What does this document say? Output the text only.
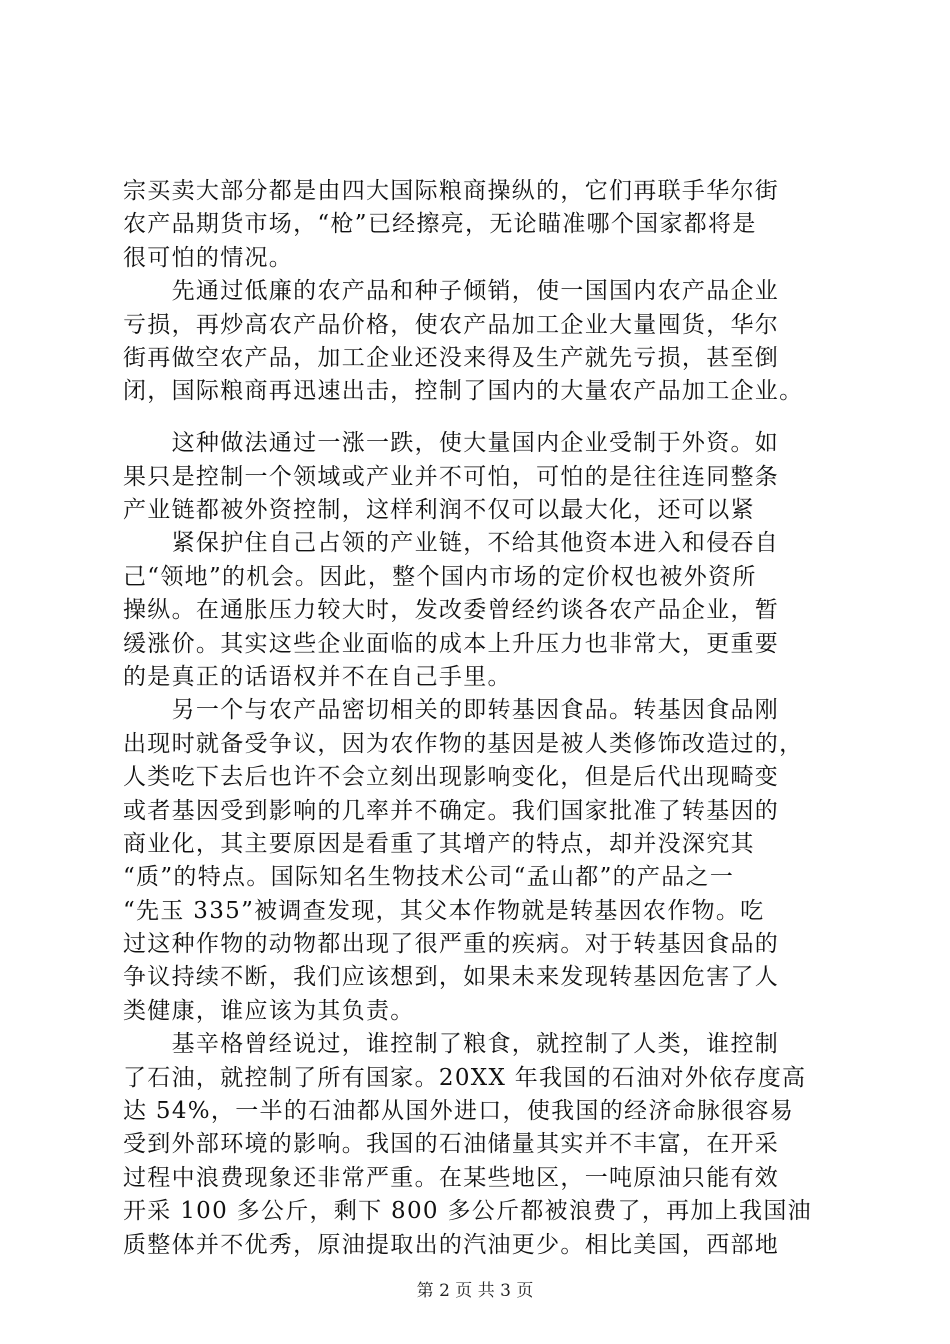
宗买卖大部分都是由四大国际粮商操纵的，它们再联手华尔街
农产品期货市场，“枪”已经擦亮，无论瞄准哪个国家都将是
很可怕的情况。
　　先通过低廉的农产品和种子倾销，使一国国内农产品企业
亏损，再炒高农产品价格，使农产品加工企业大量囤货，华尔
街再做空农产品，加工企业还没来得及生产就先亏损，甚至倒
闭，国际粮商再迅速出击，控制了国内的大量农产品加工企业。
　　这种做法通过一涨一跌，使大量国内企业受制于外资。如
果只是控制一个领域或产业并不可怕，可怕的是往往连同整条
产业链都被外资控制，这样利润不仅可以最大化，还可以紧
　　紧保护住自己占领的产业链，不给其他资本进入和侵吞自
己“领地”的机会。因此，整个国内市场的定价权也被外资所
操纵。在通胀压力较大时，发改委曾经约谈各农产品企业，暂
缓涨价。其实这些企业面临的成本上升压力也非常大，更重要
的是真正的话语权并不在自己手里。
　　另一个与农产品密切相关的即转基因食品。转基因食品刚
出现时就备受争议，因为农作物的基因是被人类修饰改造过的，
人类吃下去后也许不会立刻出现影响变化，但是后代出现畸变
或者基因受到影响的几率并不确定。我们国家批准了转基因的
商业化，其主要原因是看重了其增产的特点，却并没深究其
“质”的特点。国际知名生物技术公司“孟山都”的产品之一
“先玉 335”被调查发现，其父本作物就是转基因农作物。吃
过这种作物的动物都出现了很严重的疾病。对于转基因食品的
争议持续不断，我们应该想到，如果未来发现转基因危害了人
类健康，谁应该为其负责。
　　基辛格曾经说过，谁控制了粮食，就控制了人类，谁控制
了石油，就控制了所有国家。20XX 年我国的石油对外依存度高
达 54%，一半的石油都从国外进口，使我国的经济命脉很容易
受到外部环境的影响。我国的石油储量其实并不丰富，在开采
过程中浪费现象还非常严重。在某些地区，一吨原油只能有效
开采 100 多公斤，剩下 800 多公斤都被浪费了，再加上我国油
质整体并不优秀，原油提取出的汽油更少。相比美国，西部地
第 2 页 共 3 页
